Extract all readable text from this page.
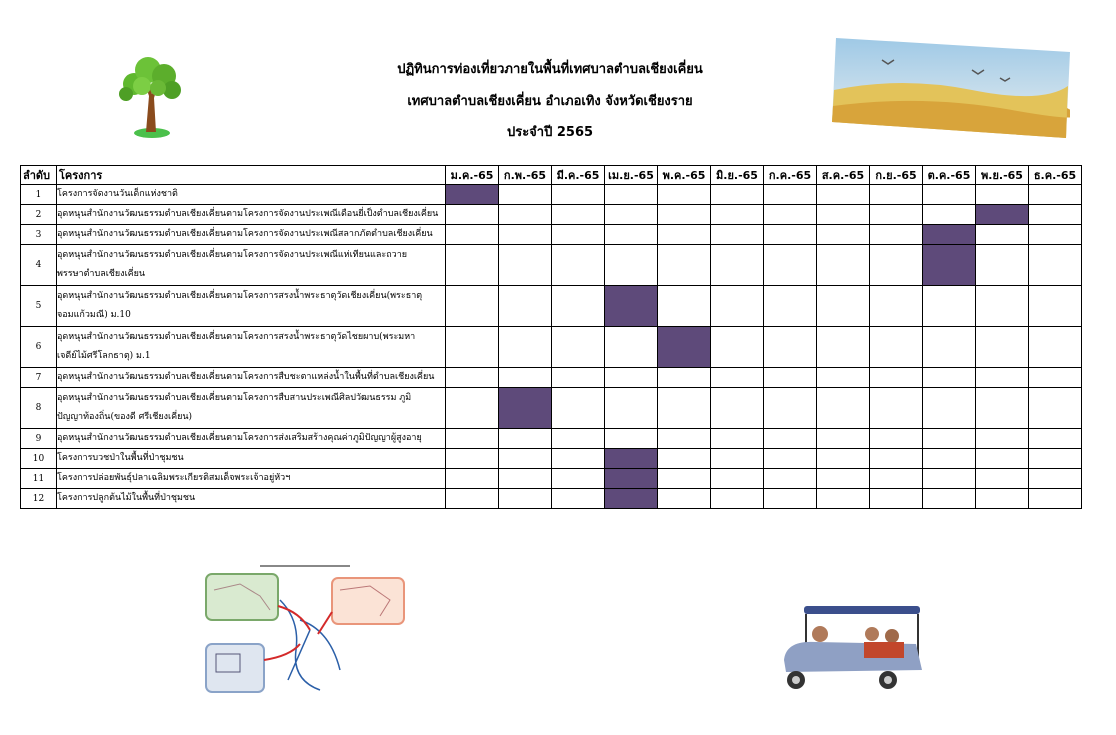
ปฏิทินการท่องเที่ยวภายในพื้นที่เทศบาลตำบลเชียงเคี่ยน
เทศบาลตำบลเชียงเคี่ยน อำเภอเทิง จังหวัดเชียงราย
ประจำปี 2565
ลำดับ	โครงการ	ม.ค.-65	ก.พ.-65	มี.ค.-65	เม.ย.-65	พ.ค.-65	มิ.ย.-65	ก.ค.-65	ส.ค.-65	ก.ย.-65	ต.ค.-65	พ.ย.-65	ธ.ค.-65
1	โครงการจัดงานวันเด็กแห่งชาติ												

2	อุดหนุนสำนักงานวัฒนธรรมตำบลเชียงเคี่ยนตามโครงการจัดงานประเพณีเดือนยี่เป็งตำบลเชียงเคี่ยน												

3	อุดหนุนสำนักงานวัฒนธรรมตำบลเชียงเคี่ยนตามโครงการจัดงานประเพณีสลากภัตตำบลเชียงเคี่ยน												

4	อุดหนุนสำนักงานวัฒนธรรมตำบลเชียงเคี่ยนตามโครงการจัดงานประเพณีแห่เทียนและถวาย
พรรษาตำบลเชียงเคี่ยน												

5	อุดหนุนสำนักงานวัฒนธรรมตำบลเชียงเคี่ยนตามโครงการสรงน้ำพระธาตุวัดเชียงเคี่ยน(พระธาตุ
จอมแก้วมณี) ม.10												

6	อุดหนุนสำนักงานวัฒนธรรมตำบลเชียงเคี่ยนตามโครงการสรงน้ำพระธาตุวัดไชยผาบ(พระมหา
เจดีย์ไม้ศรีโลกธาตุ) ม.1												

7	อุดหนุนสำนักงานวัฒนธรรมตำบลเชียงเคี่ยนตามโครงการสืบชะตาแหล่งน้ำในพื้นที่ตำบลเชียงเคี่ยน												

8	อุดหนุนสำนักงานวัฒนธรรมตำบลเชียงเคี่ยนตามโครงการสืบสานประเพณีศิลปวัฒนธรรม ภูมิ
ปัญญาท้องถิ่น(ของดี ศรีเชียงเคี่ยน)												

9	อุดหนุนสำนักงานวัฒนธรรมตำบลเชียงเคี่ยนตามโครงการส่งเสริมสร้างคุณค่าภูมิปัญญาผู้สูงอายุ												

10	โครงการบวชป่าในพื้นที่ป่าชุมชน												

11	โครงการปล่อยพันธุ์ปลาเฉลิมพระเกียรติสมเด็จพระเจ้าอยู่หัวฯ												

12	โครงการปลูกต้นไม้ในพื้นที่ป่าชุมชน												
